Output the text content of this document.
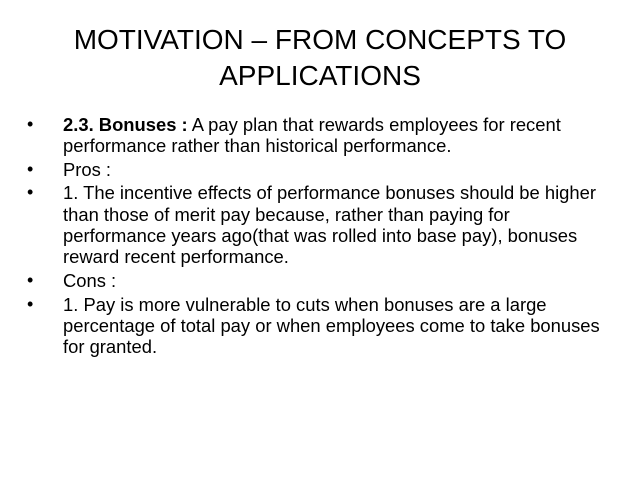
MOTIVATION – FROM CONCEPTS TO
APPLICATIONS
•	2.3. Bonuses : A pay plan that rewards employees for recent performance rather than historical performance.
•	Pros :
•	1. The incentive effects of performance bonuses should be higher than those of merit pay because, rather than paying for performance years ago(that was rolled into base pay), bonuses reward recent performance.
•	Cons :
•	1. Pay is more vulnerable to cuts when bonuses are a large percentage of total pay or when employees come to take bonuses for granted.
